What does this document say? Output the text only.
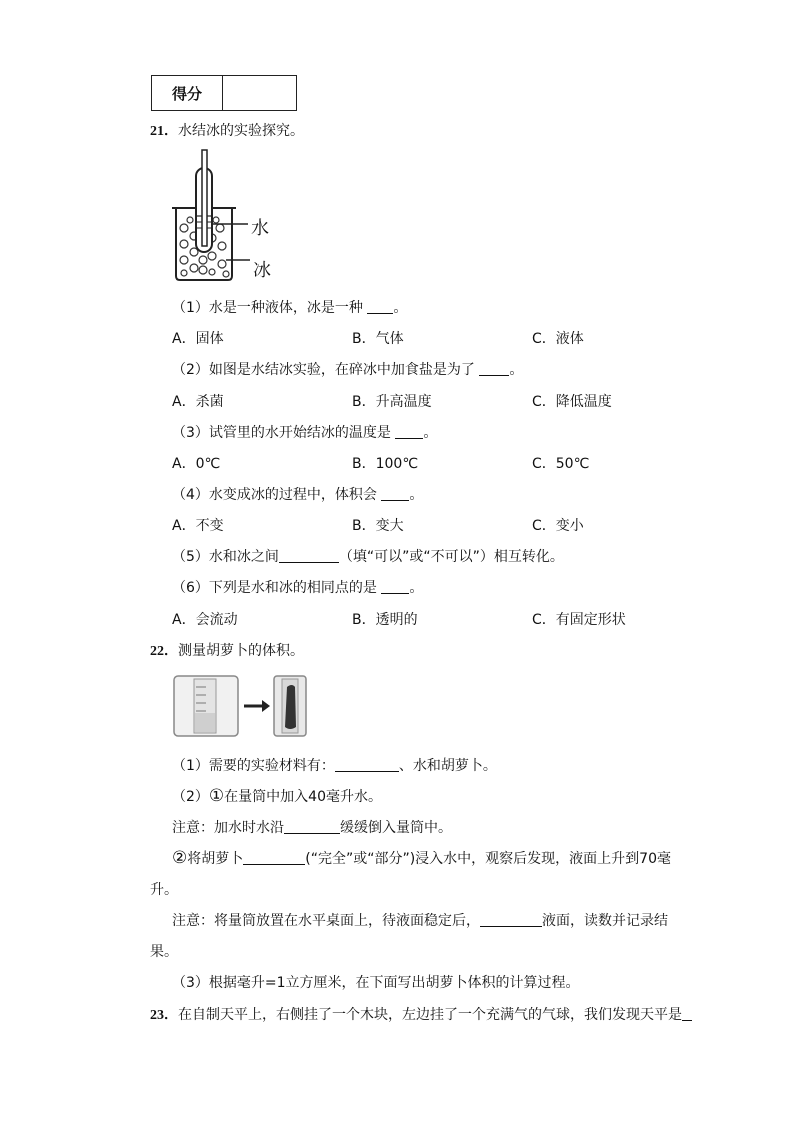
得分
21．水结冰的实验探究。
水
冰
（1）水是一种液体，冰是一种 。
A．固体	B．气体	C．液体
（2）如图是水结冰实验，在碎冰中加食盐是为了 。
A．杀菌	B．升高温度	C．降低温度
（3）试管里的水开始结冰的温度是 。
A．0℃	B．100℃	C．50℃
（4）水变成冰的过程中，体积会 。
A．不变	B．变大	C．变小
（5）水和冰之间	（填“可以”或“不可以”）相互转化。
（6）下列是水和冰的相同点的是 。
A．会流动	B．透明的	C．有固定形状
22．测量胡萝卜的体积。
（1）需要的实验材料有：	、水和胡萝卜。
（2）①在量筒中加入40毫升水。
注意：加水时水沿	缓缓倒入量筒中。
②将胡萝卜	(“完全”或“部分”)浸入水中，观察后发现，液面上升到70毫
升。
注意：将量筒放置在水平桌面上，待液面稳定后，	液面，读数并记录结
果。
（3）根据毫升=1立方厘米，在下面写出胡萝卜体积的计算过程。
23．在自制天平上，右侧挂了一个木块，左边挂了一个充满气的气球，我们发现天平是
